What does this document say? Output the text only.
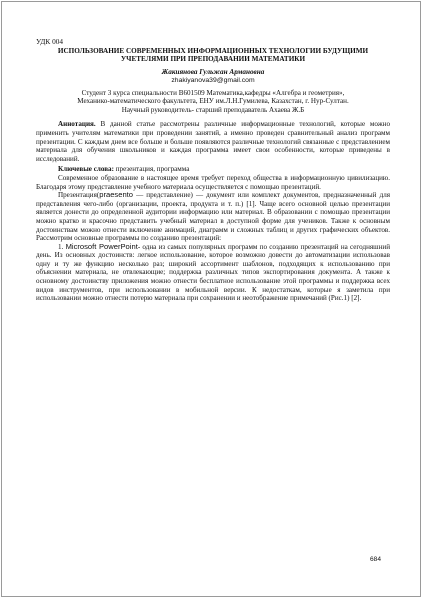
УДК 004

ИСПОЛЬЗОВАНИЕ СОВРЕМЕННЫХ ИНФОРМАЦИОННЫХ ТЕХНОЛОГИИ БУДУЩИМИ УЧЕТЕЛЯМИ ПРИ ПРЕПОДАВАНИИ МАТЕМАТИКИ

Жакиянова Гульжан Армановна

zhakiyanova39@gmail.com

Студент 3 курса специальности В601509 Математика,кафедры «Алгебра и геометрия»,

Механико-математического факультета, ЕНУ им.Л.Н.Гумилева, Казахстан, г. Нур-Султан.

Научный руководитель- старший преподаватель Ахаева Ж.Б

Аннотация. В данной статье рассмотрены различные информационные технологий, которые можно применить учителям математики при проведении занятий, а именно проведен сравнительный анализ программ презентации. С каждым днем все больше и больше появляются различные технологий связанные с представлением материала для обучения школьников и каждая программа имеет свои особенности, которые приведены в исследований.

Ключевые слова: презентация, программа

Современное образование в настоящее время требует переход общества в информационную цивилизацию. Благодаря этому представление учебного материала осуществляется с помощью презентаций.

Презентация(praesento — представление) — документ или комплект документов, предназначенный для представления чего-либо (организации, проекта, продукта и т. п.) [1]. Чаще всего основной целью презентации является донести до определенной аудитории информацию или материал. В образовании с помощью презентации можно кратко и красочно представить учебный материал в доступной форме для учеников. Также к основным достоинствам можно отнести включение анимаций, диаграмм и сложных таблиц и других графических объектов. Рассмотрим основные программы по созданию презентаций:

1. Microsoft PowerPoint- одна из самых популярных программ по созданию презентаций на сегодняшний день. Из основных достоинств: легкое использование, которое возможно довести до автоматизации использовав одну и ту же функцию несколько раз; широкий ассортимент шаблонов, подходящих к использованию при объяснении материала, не отвлекающие; поддержка различных типов экспортирования документа. А также к основному достоинству приложения можно отнести бесплатное использование этой программы и поддержка всех видов инструментов, при использовании в мобильной версии. К недостаткам, которые я заметила при использовании можно отнести потерю материала при сохранении и неотображение примечаний (Рис.1) [2].

684
